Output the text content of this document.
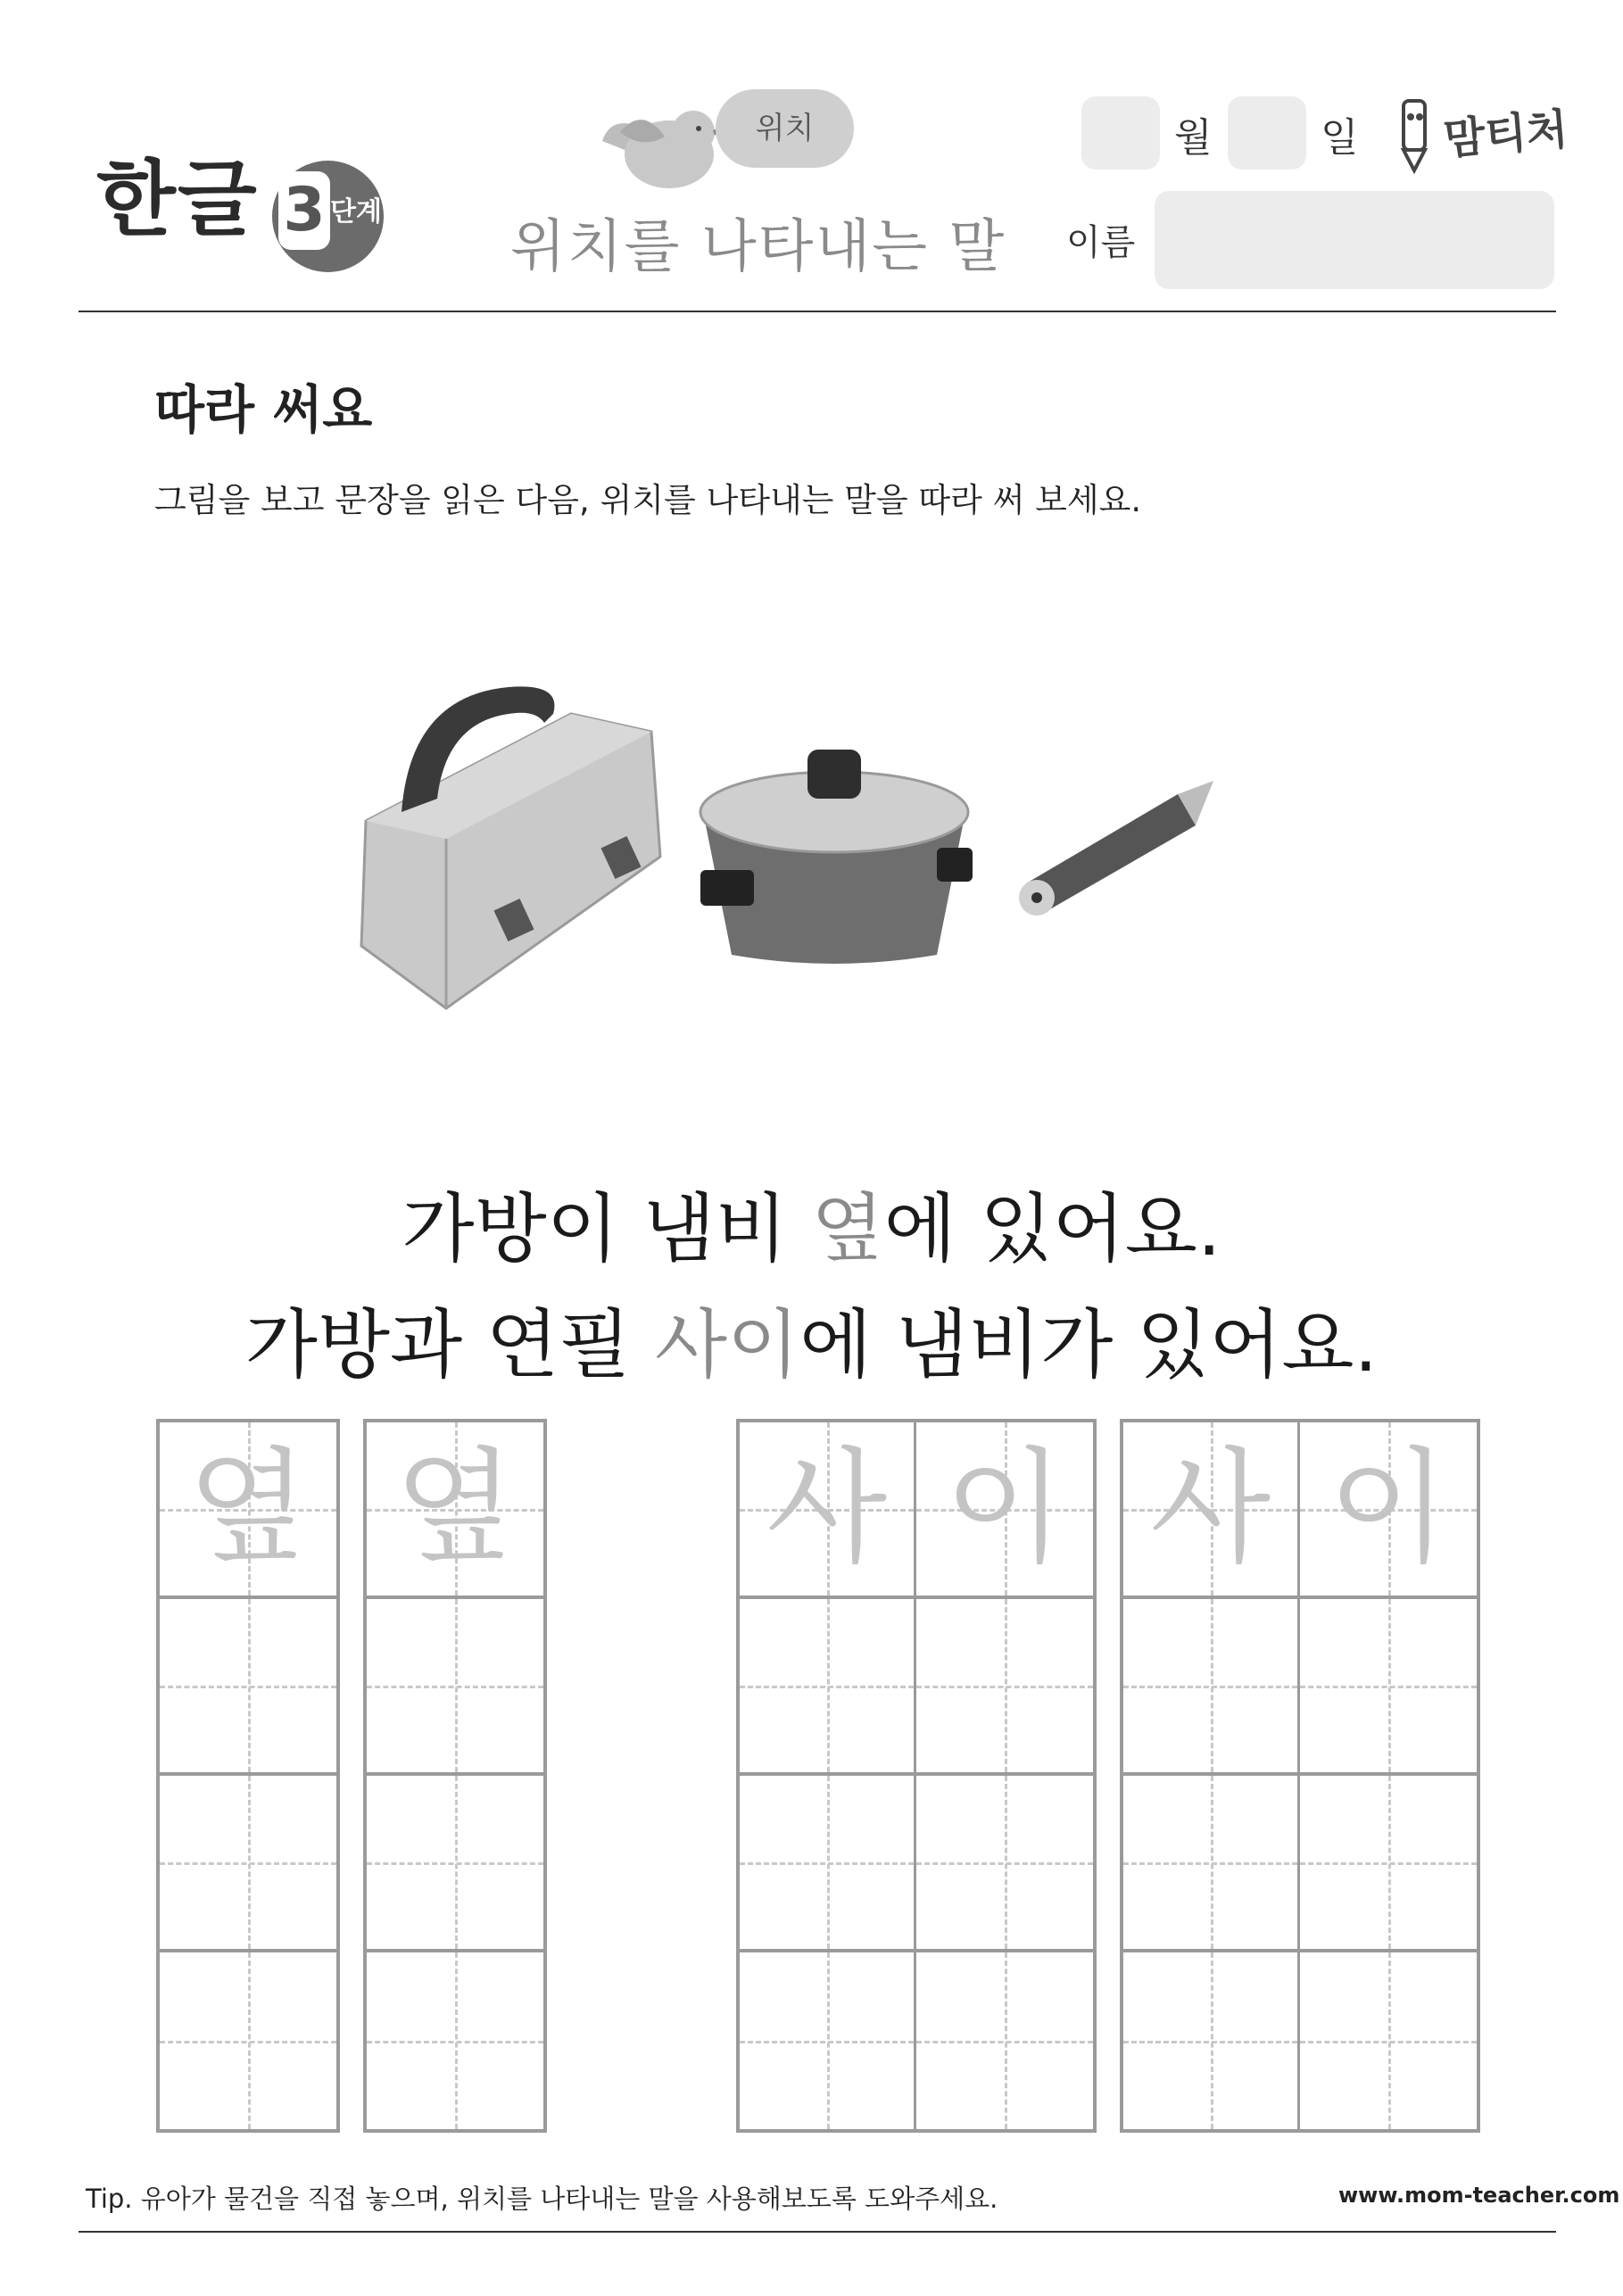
한글 3 단계
위치
위치를 나타내는 말
월	일 맘티처
이름
따라 써요
그림을 보고 문장을 읽은 다음, 위치를 나타내는 말을 따라 써 보세요.
가방이 냄비 옆에 있어요.
가방과 연필 사이에 냄비가 있어요.
옆 옆 사 이 사 이
Tip. 유아가 물건을 직접 놓으며, 위치를 나타내는 말을 사용해보도록 도와주세요.	www.mom-teacher.com
